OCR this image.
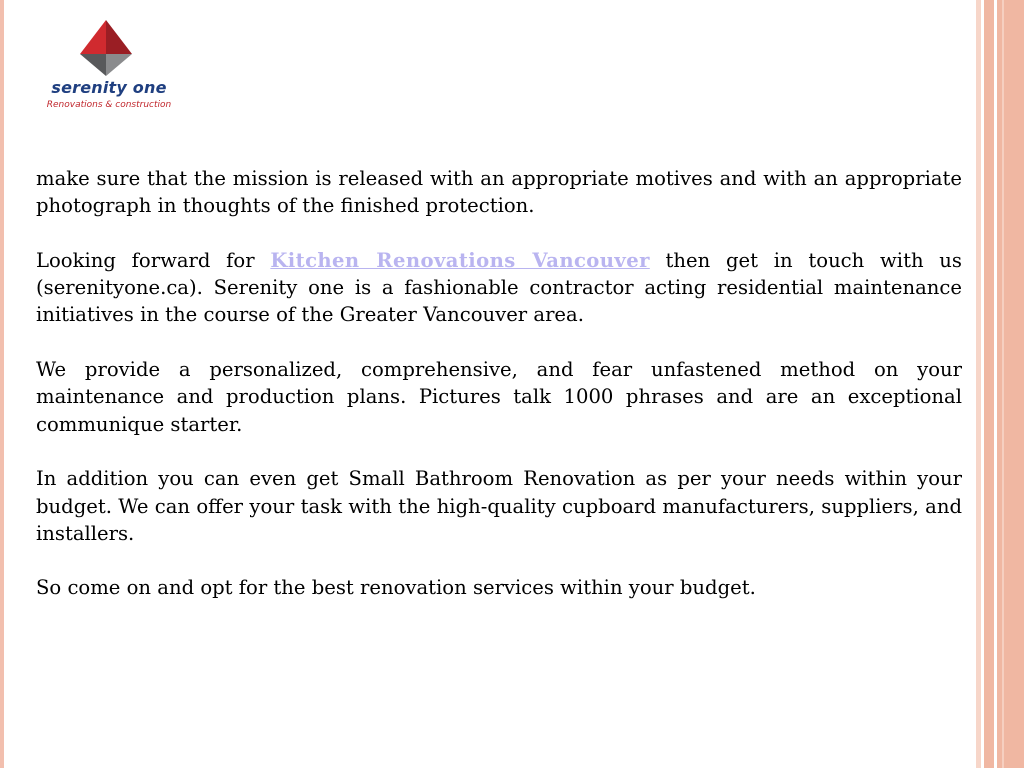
serenity one
Renovations & construction

make sure that the mission is released with an appropriate motives and with an appropriate photograph in thoughts of the finished protection.

Looking forward for Kitchen Renovations Vancouver then get in touch with us (serenityone.ca). Serenity one is a fashionable contractor acting residential maintenance initiatives in the course of the Greater Vancouver area.

We provide a personalized, comprehensive, and fear unfastened method on your maintenance and production plans. Pictures talk 1000 phrases and are an exceptional communique starter.

In addition you can even get Small Bathroom Renovation as per your needs within your budget. We can offer your task with the high-quality cupboard manufacturers, suppliers, and installers.

So come on and opt for the best renovation services within your budget.
